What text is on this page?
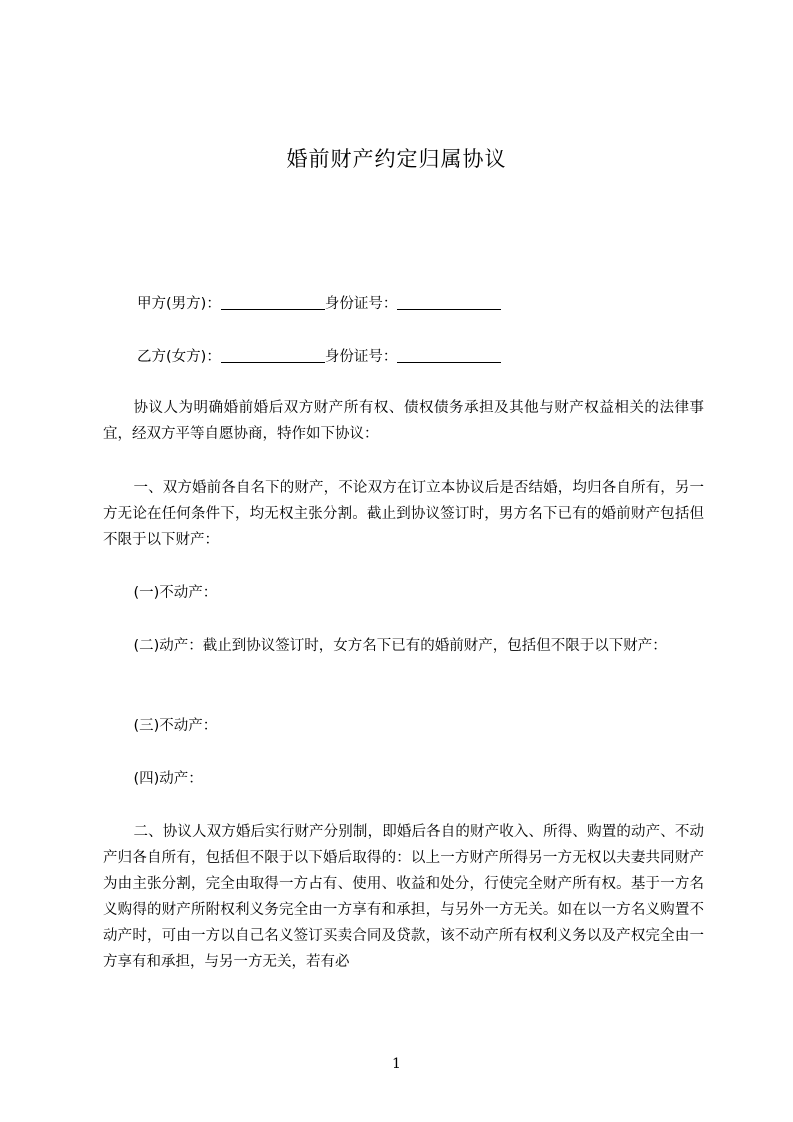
婚前财产约定归属协议
甲方(男方)：	身份证号：
乙方(女方)：	身份证号：
协议人为明确婚前婚后双方财产所有权、债权债务承担及其他与财产权益相关的法律事宜，经双方平等自愿协商，特作如下协议：
一、双方婚前各自名下的财产，不论双方在订立本协议后是否结婚，均归各自所有，另一方无论在任何条件下，均无权主张分割。截止到协议签订时，男方名下已有的婚前财产包括但不限于以下财产：
(一)不动产：
(二)动产：截止到协议签订时，女方名下已有的婚前财产，包括但不限于以下财产：
(三)不动产：
(四)动产：
二、协议人双方婚后实行财产分别制，即婚后各自的财产收入、所得、购置的动产、不动产归各自所有，包括但不限于以下婚后取得的：以上一方财产所得另一方无权以夫妻共同财产为由主张分割，完全由取得一方占有、使用、收益和处分，行使完全财产所有权。基于一方名义购得的财产所附权利义务完全由一方享有和承担，与另外一方无关。如在以一方名义购置不动产时，可由一方以自己名义签订买卖合同及贷款，该不动产所有权利义务以及产权完全由一方享有和承担，与另一方无关，若有必
1
